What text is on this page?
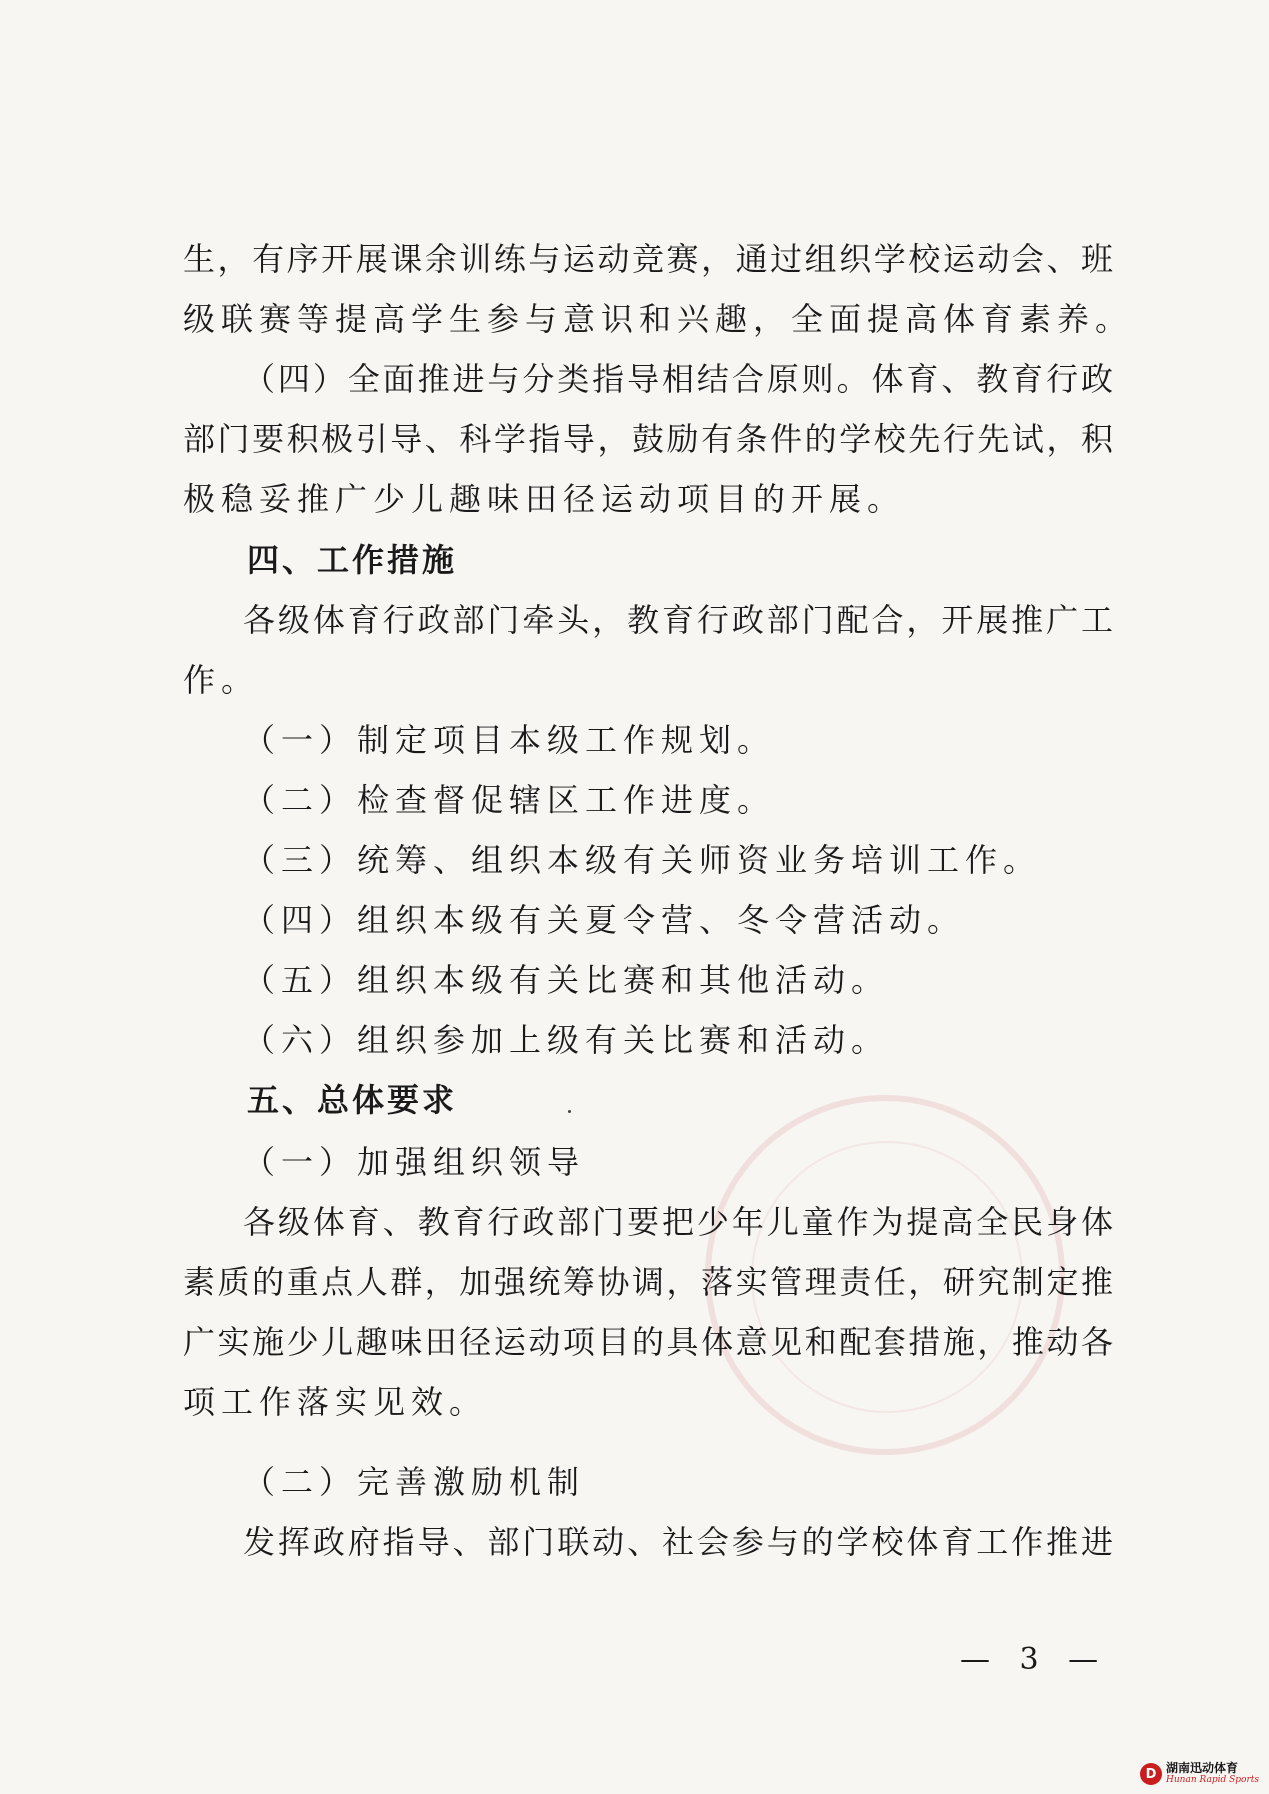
生，有序开展课余训练与运动竞赛，通过组织学校运动会、班
级联赛等提高学生参与意识和兴趣，全面提高体育素养。
（四）全面推进与分类指导相结合原则。体育、教育行政
部门要积极引导、科学指导，鼓励有条件的学校先行先试，积
极稳妥推广少儿趣味田径运动项目的开展。
四、工作措施
各级体育行政部门牵头，教育行政部门配合，开展推广工
作。
（一）制定项目本级工作规划。
（二）检查督促辖区工作进度。
（三）统筹、组织本级有关师资业务培训工作。
（四）组织本级有关夏令营、冬令营活动。
（五）组织本级有关比赛和其他活动。
（六）组织参加上级有关比赛和活动。
五、总体要求
（一）加强组织领导
各级体育、教育行政部门要把少年儿童作为提高全民身体
素质的重点人群，加强统筹协调，落实管理责任，研究制定推
广实施少儿趣味田径运动项目的具体意见和配套措施，推动各
项工作落实见效。
（二）完善激励机制
发挥政府指导、部门联动、社会参与的学校体育工作推进
— 3 —
D 湖南迅动体育
Hunan Rapid Sports
